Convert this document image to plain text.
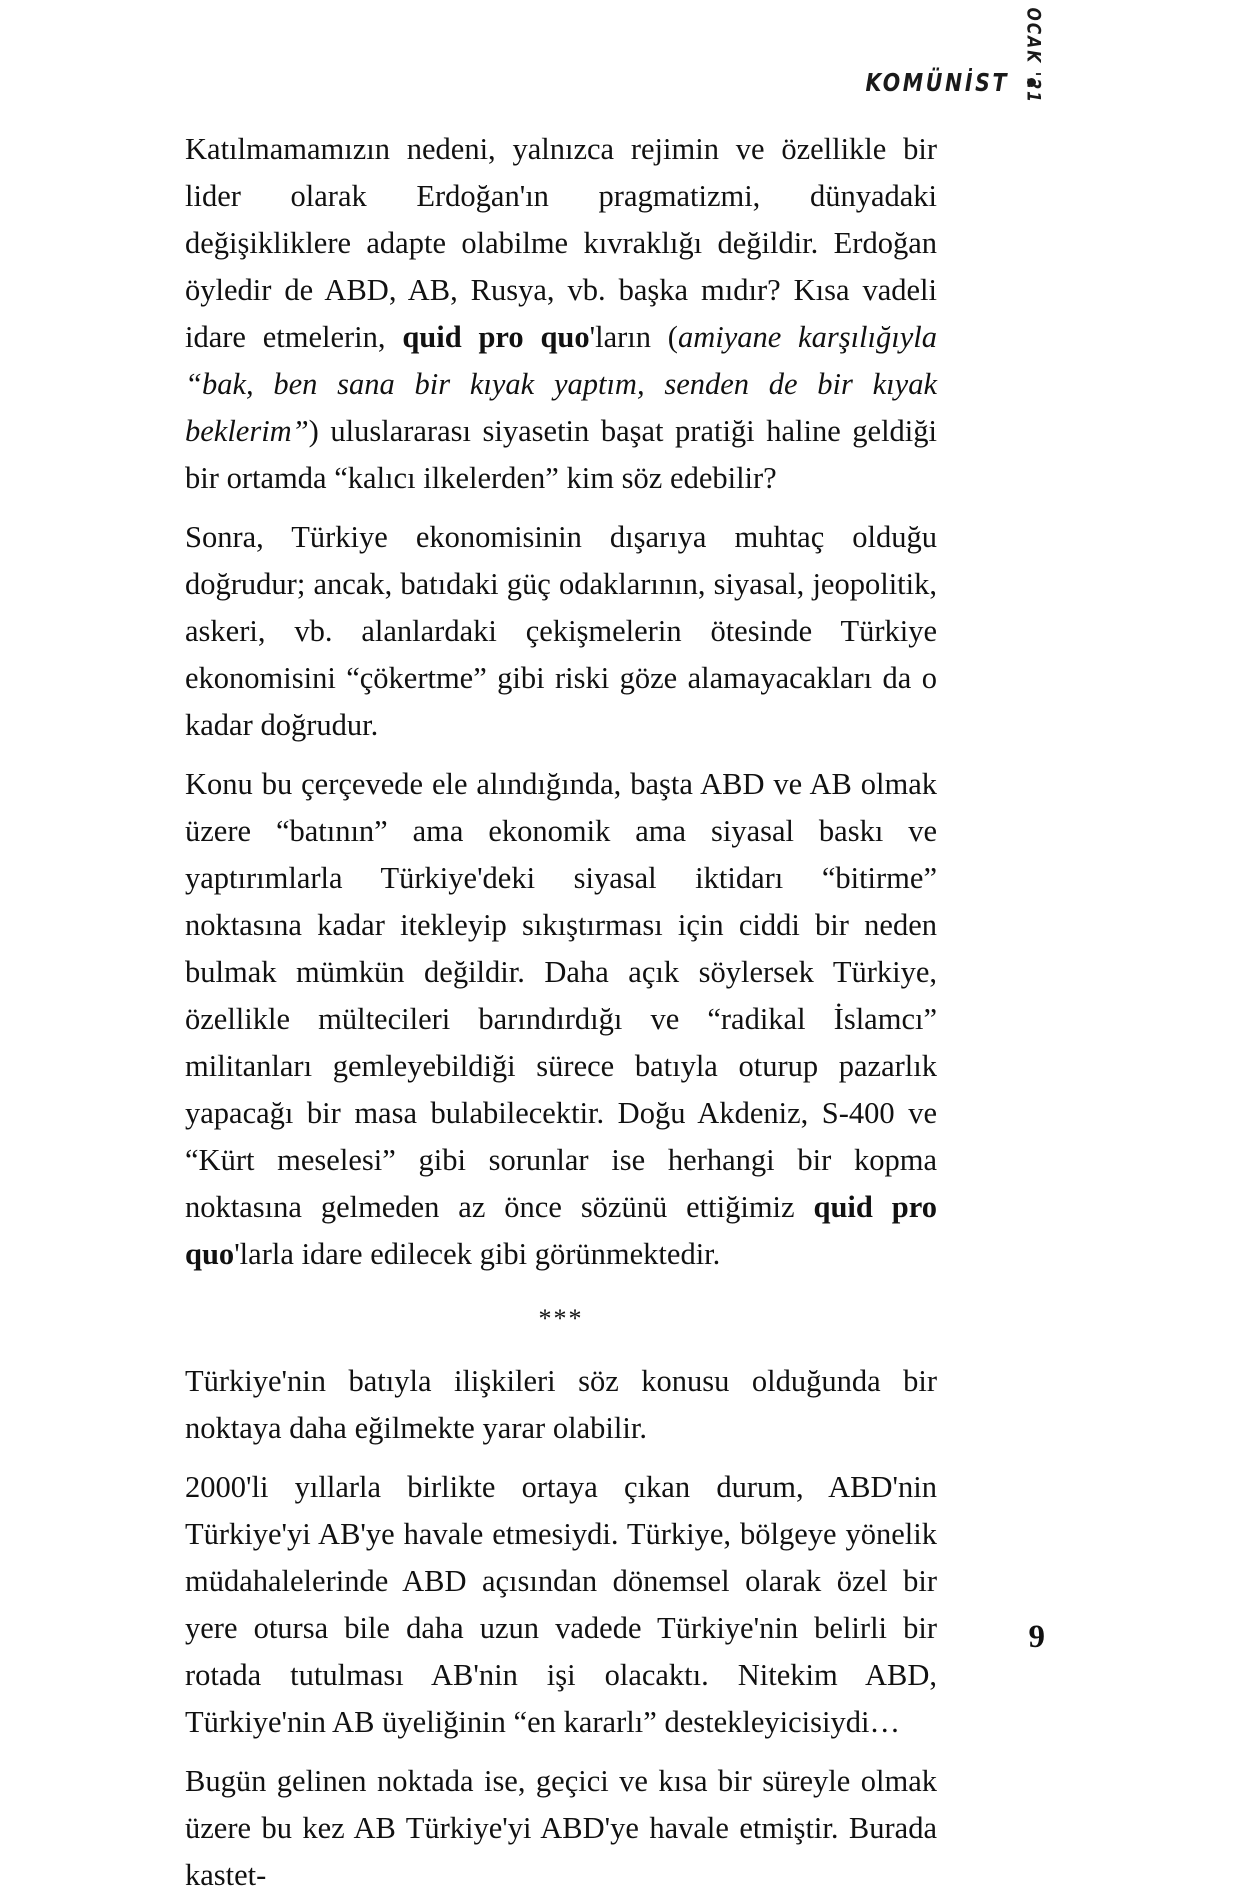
KOMÜNİST OCAK '21

Katılmamamızın nedeni, yalnızca rejimin ve özellikle bir lider olarak Erdoğan'ın pragmatizmi, dünyadaki değişikliklere adapte olabilme kıvraklığı değildir. Erdoğan öyledir de ABD, AB, Rusya, vb. başka mıdır? Kısa vadeli idare etmelerin, quid pro quo'ların (amiyane karşılığıyla “bak, ben sana bir kıyak yaptım, senden de bir kıyak beklerim”) uluslararası siyasetin başat pratiği haline geldiği bir ortamda “kalıcı ilkelerden” kim söz edebilir?

Sonra, Türkiye ekonomisinin dışarıya muhtaç olduğu doğrudur; ancak, batıdaki güç odaklarının, siyasal, jeopolitik, askeri, vb. alanlardaki çekişmelerin ötesinde Türkiye ekonomisini “çökertme” gibi riski göze alamayacakları da o kadar doğrudur.

Konu bu çerçevede ele alındığında, başta ABD ve AB olmak üzere “batının” ama ekonomik ama siyasal baskı ve yaptırımlarla Türkiye'deki siyasal iktidarı “bitirme” noktasına kadar itekleyip sıkıştırması için ciddi bir neden bulmak mümkün değildir. Daha açık söylersek Türkiye, özellikle mültecileri barındırdığı ve “radikal İslamcı” militanları gemleyebildiği sürece batıyla oturup pazarlık yapacağı bir masa bulabilecektir. Doğu Akdeniz, S-400 ve “Kürt meselesi” gibi sorunlar ise herhangi bir kopma noktasına gelmeden az önce sözünü ettiğimiz quid pro quo'larla idare edilecek gibi görünmektedir.

***

Türkiye'nin batıyla ilişkileri söz konusu olduğunda bir noktaya daha eğilmekte yarar olabilir.

2000'li yıllarla birlikte ortaya çıkan durum, ABD'nin Türkiye'yi AB'ye havale etmesiydi. Türkiye, bölgeye yönelik müdahalelerinde ABD açısından dönemsel olarak özel bir yere otursa bile daha uzun vadede Türkiye'nin belirli bir rotada tutulması AB'nin işi olacaktı. Nitekim ABD, Türkiye'nin AB üyeliğinin “en kararlı” destekleyicisiydi…

Bugün gelinen noktada ise, geçici ve kısa bir süreyle olmak üzere bu kez AB Türkiye'yi ABD'ye havale etmiştir. Burada kastet-

9
